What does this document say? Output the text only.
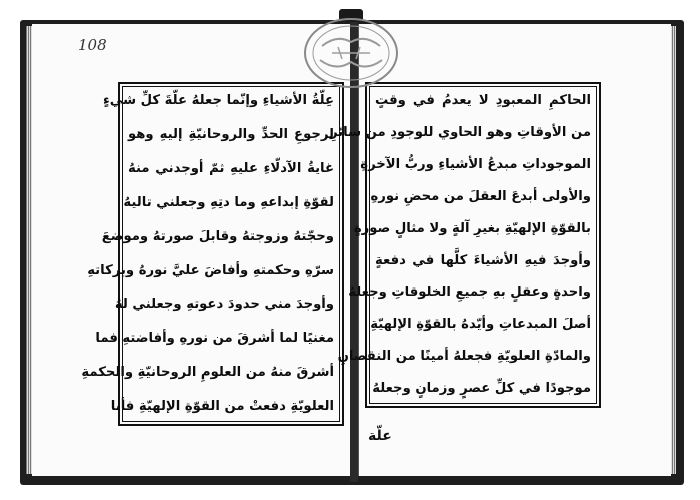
108
عِلّةُ الأشياءِ وإنّما جعلهُ علّةَ كلِّ شيءٍ
لرجوعِ الحدِّ والروحانيّةِ إليهِ وهو
غايةُ الآدلّاءِ عليهِ ثمّ أوجدني منهُ
لقوّةِ إبداعهِ وما دتِهِ وجعلني تاليهُ
وحجّتهُ وزوجتهُ وقابلَ صورتهُ وموضعَ
سرّهِ وحكمتهِ وأفاضَ عليَّ نورهُ وبركاتهِ
وأوجدَ مني حدودَ دعوتهِ وجعلني لهُ
مغنيًا لما أشرقَ من نورهِ وأفاضتهِ فما
أشرقَ منهُ من العلومِ الروحانيّةِ والحكمةِ
العلويّةِ دفعتْ من القوّةِ الإلهيّةِ فأنا
الحاكمِ المعبودِ لا يعدمُ في وقتٍ
من الأوقاتِ وهو الحاوي للوجودِ من سائرِ
الموجوداتِ مبدعُ الأشياءِ وربُّ الآخرةِ
والأولى أبدعَ العقلَ من محضِ نورهِ
بالقوّةِ الإلهيّةِ بغيرِ آلةٍ ولا مثالٍ صورةٍ
وأوجدَ فيهِ الأشياءَ كلَّها في دفعةٍ
واحدةٍ وعقلٍ بهِ جميعِ الخلوقاتِ وجعلهُ
أصلَ المبدعاتِ وأيّدهُ بالقوّةِ الإلهيّةِ
والمادّةِ العلويّةِ فجعلهُ أمينًا من النقصانِ
موجودًا في كلِّ عصرٍ وزمانٍ وجعلهُ
علّة
